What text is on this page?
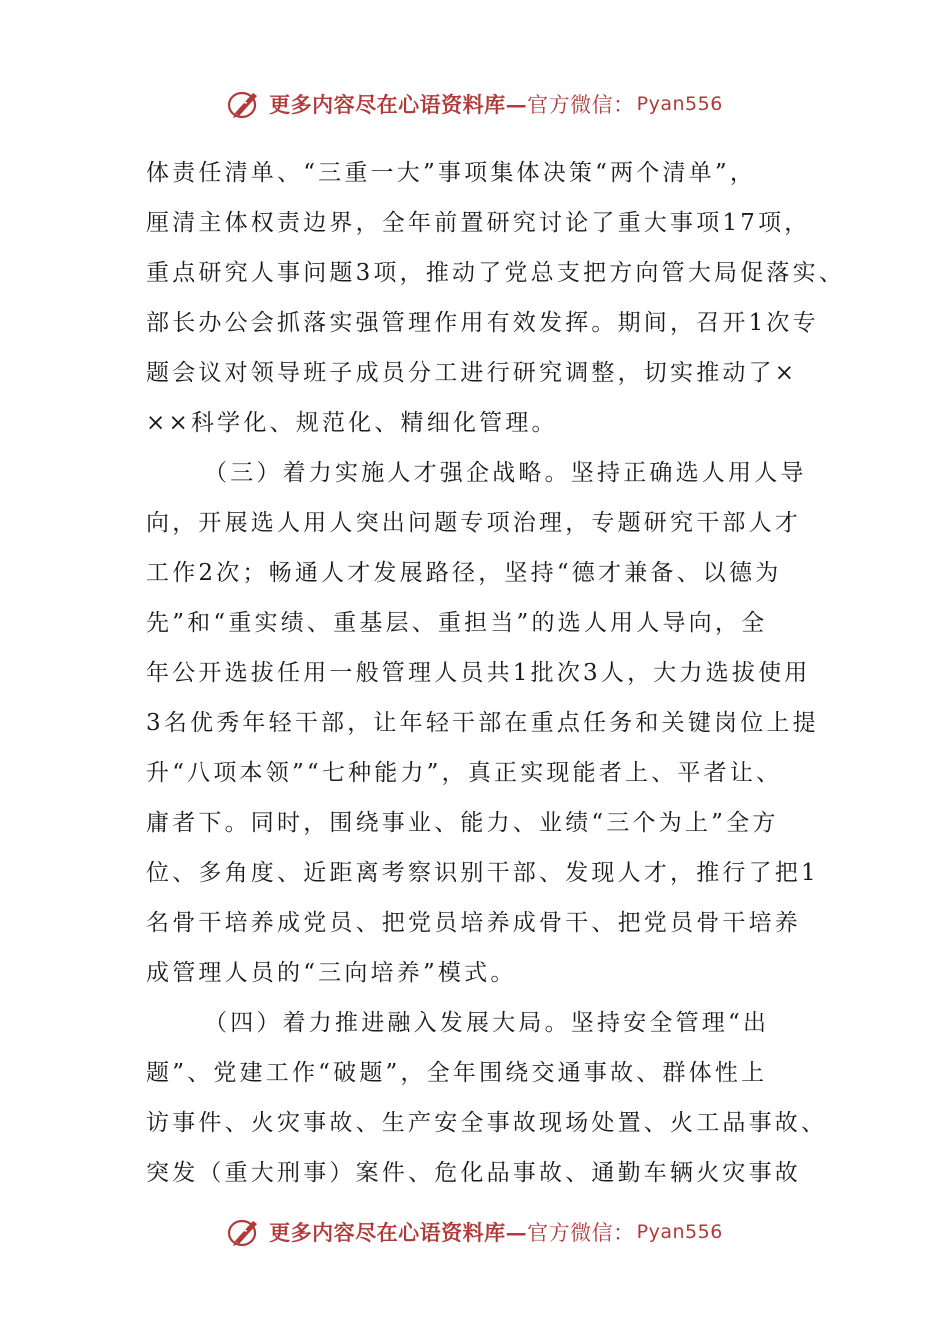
更多内容尽在心语资料库— 官方微信： Pyan556
体责任清单、“三重一大”事项集体决策“两个清单”，
厘清主体权责边界，全年前置研究讨论了重大事项17项，
重点研究人事问题3项，推动了党总支把方向管大局促落实、
部长办公会抓落实强管理作用有效发挥。期间，召开1次专
题会议对领导班子成员分工进行研究调整，切实推动了×
××科学化、规范化、精细化管理。
（三）着力实施人才强企战略。坚持正确选人用人导
向，开展选人用人突出问题专项治理，专题研究干部人才
工作2次；畅通人才发展路径，坚持“德才兼备、以德为
先”和“重实绩、重基层、重担当”的选人用人导向，全
年公开选拔任用一般管理人员共1批次3人，大力选拔使用
3名优秀年轻干部，让年轻干部在重点任务和关键岗位上提
升“八项本领”“七种能力”，真正实现能者上、平者让、
庸者下。同时，围绕事业、能力、业绩“三个为上”全方
位、多角度、近距离考察识别干部、发现人才，推行了把1
名骨干培养成党员、把党员培养成骨干、把党员骨干培养
成管理人员的“三向培养”模式。
（四）着力推进融入发展大局。坚持安全管理“出
题”、党建工作“破题”，全年围绕交通事故、群体性上
访事件、火灾事故、生产安全事故现场处置、火工品事故、
突发（重大刑事）案件、危化品事故、通勤车辆火灾事故
更多内容尽在心语资料库— 官方微信： Pyan556
